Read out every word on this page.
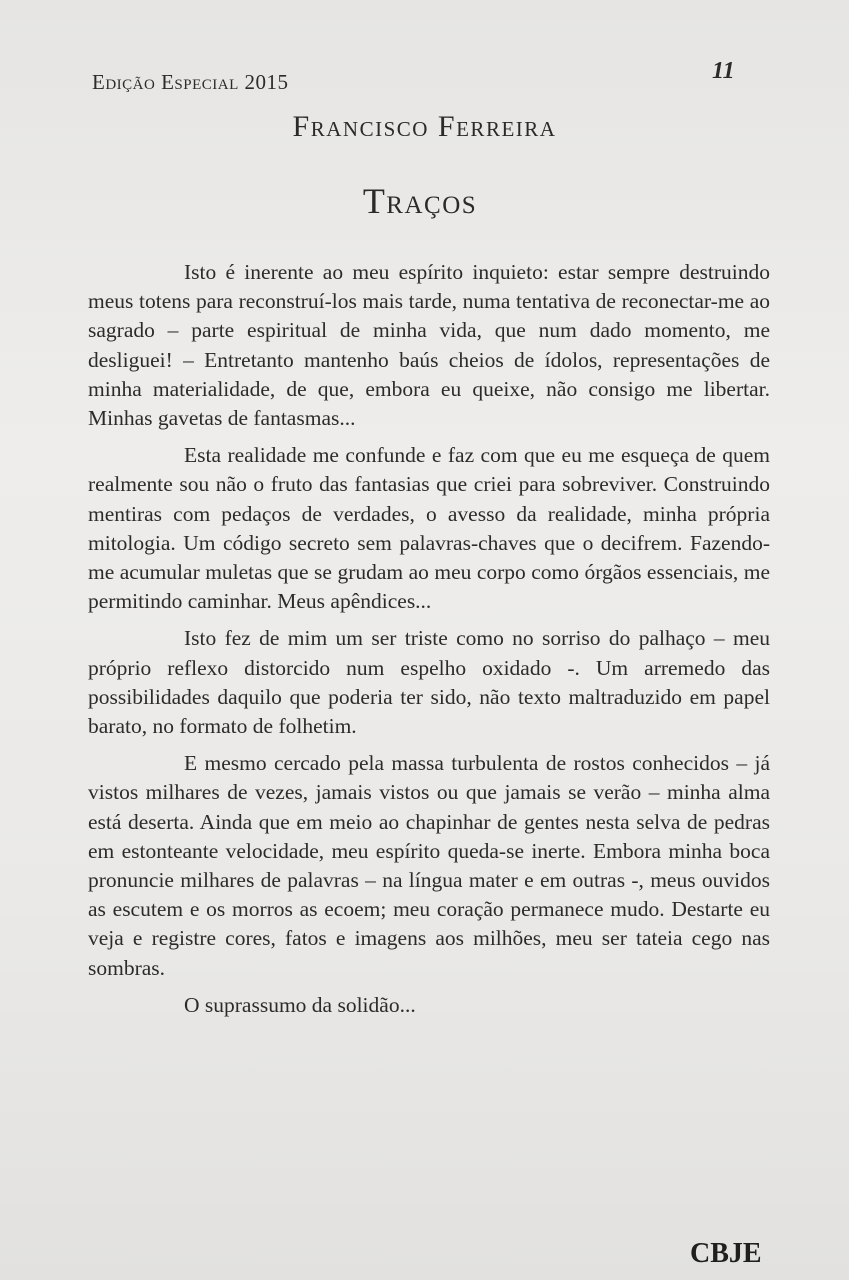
Edição Especial 2015	11
Francisco Ferreira
Traços

Isto é inerente ao meu espírito inquieto: estar sempre destruindo meus totens para reconstruí-los mais tarde, numa tentativa de reconectar-me ao sagrado – parte espiritual de minha vida, que num dado momento, me desliguei! – Entretanto mantenho baús cheios de ídolos, representações de minha materialidade, de que, embora eu queixe, não consigo me libertar. Minhas gavetas de fantasmas...

Esta realidade me confunde e faz com que eu me esqueça de quem realmente sou não o fruto das fantasias que criei para sobreviver. Construindo mentiras com pedaços de verdades, o avesso da realidade, minha própria mitologia. Um código secreto sem palavras-chaves que o decifrem. Fazendo-me acumular muletas que se grudam ao meu corpo como órgãos essenciais, me permitindo caminhar. Meus apêndices...

Isto fez de mim um ser triste como no sorriso do palhaço – meu próprio reflexo distorcido num espelho oxidado -. Um arremedo das possibilidades daquilo que poderia ter sido, não texto maltraduzido em papel barato, no formato de folhetim.

E mesmo cercado pela massa turbulenta de rostos conhecidos – já vistos milhares de vezes, jamais vistos ou que jamais se verão – minha alma está deserta. Ainda que em meio ao chapinhar de gentes nesta selva de pedras em estonteante velocidade, meu espírito queda-se inerte. Embora minha boca pronuncie milhares de palavras – na língua mater e em outras -, meus ouvidos as escutem e os morros as ecoem; meu coração permanece mudo. Destarte eu veja e registre cores, fatos e imagens aos milhões, meu ser tateia cego nas sombras.

O suprassumo da solidão...

CBJE
